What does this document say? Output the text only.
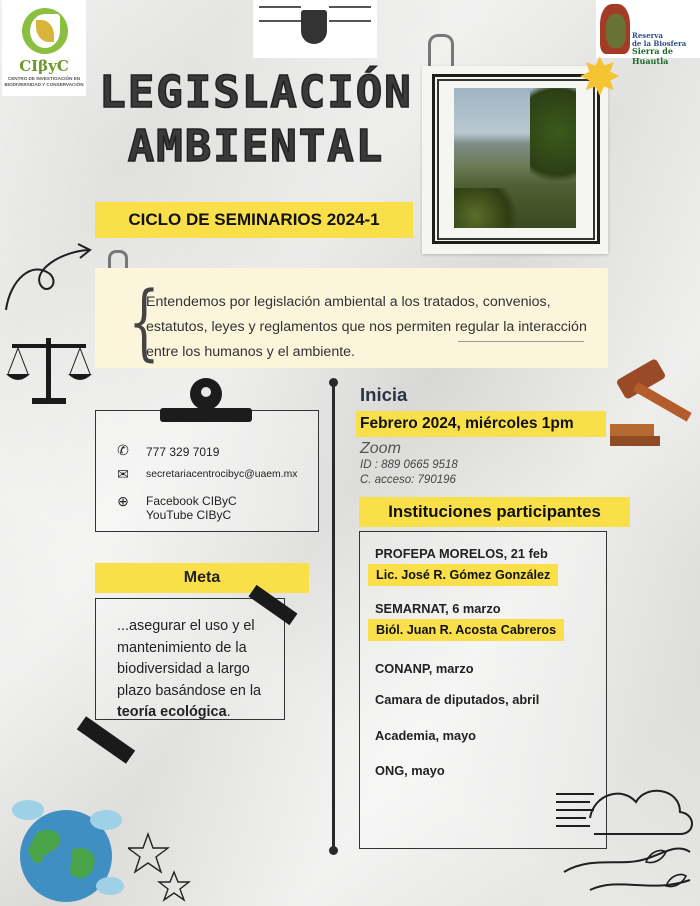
CIβyC
CENTRO DE INVESTIGACIÓN EN BIODIVERSIDAD Y CONSERVACIÓN
Reserva
de la Biosfera
Sierra de Huautla
LEGISLACIÓN
AMBIENTAL
CICLO DE SEMINARIOS 2024-1
✸
{
Entendemos por legislación ambiental a los tratados, convenios, estatutos, leyes y reglamentos que nos permiten regular la interacción entre los humanos y el ambiente.
✆ 777 329 7019
✉	secretariacentrocibyc@uaem.mx
⊕ Facebook CIByC
YouTube CIByC
Meta
...asegurar el uso y el mantenimiento de la biodiversidad a largo plazo basándose en la teoría ecológica.
Inicia
Febrero 2024, miércoles 1pm
Zoom
ID : 889 0665 9518
C. acceso: 790196
Instituciones participantes
PROFEPA MORELOS, 21 feb
Lic. José R. Gómez González
SEMARNAT, 6 marzo
Biól. Juan R. Acosta Cabreros
CONANP, marzo
Camara de diputados, abril
Academia, mayo
ONG, mayo
